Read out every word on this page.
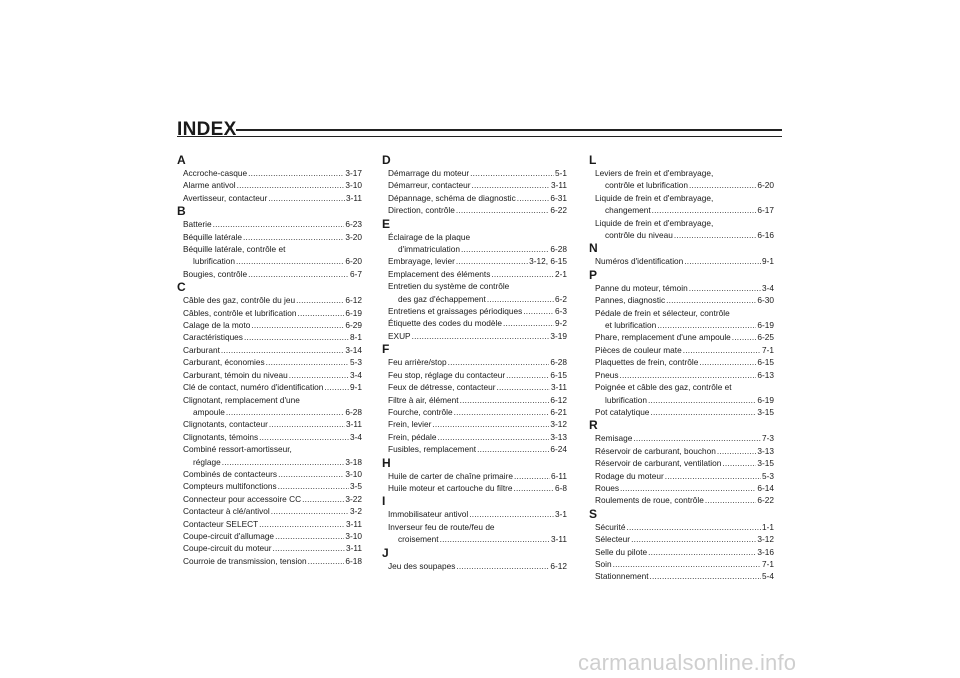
INDEX
A
Accroche-casque .....	3-17
Alarme antivol .....	3-10
Avertisseur, contacteur .....	3-11
B
Batterie .....	6-23
Béquille latérale .....	3-20
Béquille latérale, contrôle et
lubrification .....	6-20
Bougies, contrôle .....	6-7
C
Câble des gaz, contrôle du jeu .....	6-12
Câbles, contrôle et lubrification .....	6-19
Calage de la moto .....	6-29
Caractéristiques .....	8-1
Carburant .....	3-14
Carburant, économies .....	5-3
Carburant, témoin du niveau .....	3-4
Clé de contact, numéro d'identification .....	9-1
Clignotant, remplacement d'une
ampoule .....	6-28
Clignotants, contacteur .....	3-11
Clignotants, témoins .....	3-4
Combiné ressort-amortisseur,
réglage .....	3-18
Combinés de contacteurs .....	3-10
Compteurs multifonctions .....	3-5
Connecteur pour accessoire CC .....	3-22
Contacteur à clé/antivol .....	3-2
Contacteur SELECT .....	3-11
Coupe-circuit d'allumage .....	3-10
Coupe-circuit du moteur .....	3-11
Courroie de transmission, tension .....	6-18
D
Démarrage du moteur .....	5-1
Démarreur, contacteur .....	3-11
Dépannage, schéma de diagnostic .....	6-31
Direction, contrôle .....	6-22
E
Éclairage de la plaque
d'immatriculation .....	6-28
Embrayage, levier .....	3-12, 6-15
Emplacement des éléments .....	2-1
Entretien du système de contrôle
des gaz d'échappement .....	6-2
Entretiens et graissages périodiques .....	6-3
Étiquette des codes du modèle .....	9-2
EXUP .....	3-19
F
Feu arrière/stop .....	6-28
Feu stop, réglage du contacteur .....	6-15
Feux de détresse, contacteur .....	3-11
Filtre à air, élément .....	6-12
Fourche, contrôle .....	6-21
Frein, levier .....	3-12
Frein, pédale .....	3-13
Fusibles, remplacement .....	6-24
H
Huile de carter de chaîne primaire .....	6-11
Huile moteur et cartouche du filtre .....	6-8
I
Immobilisateur antivol .....	3-1
Inverseur feu de route/feu de
croisement .....	3-11
J
Jeu des soupapes .....	6-12
L
Leviers de frein et d'embrayage,
contrôle et lubrification .....	6-20
Liquide de frein et d'embrayage,
changement .....	6-17
Liquide de frein et d'embrayage,
contrôle du niveau .....	6-16
N
Numéros d'identification .....	9-1
P
Panne du moteur, témoin .....	3-4
Pannes, diagnostic .....	6-30
Pédale de frein et sélecteur, contrôle
et lubrification .....	6-19
Phare, remplacement d'une ampoule .....	6-25
Pièces de couleur mate .....	7-1
Plaquettes de frein, contrôle .....	6-15
Pneus .....	6-13
Poignée et câble des gaz, contrôle et
lubrification .....	6-19
Pot catalytique .....	3-15
R
Remisage .....	7-3
Réservoir de carburant, bouchon .....	3-13
Réservoir de carburant, ventilation .....	3-15
Rodage du moteur .....	5-3
Roues .....	6-14
Roulements de roue, contrôle .....	6-22
S
Sécurité .....	1-1
Sélecteur .....	3-12
Selle du pilote .....	3-16
Soin .....	7-1
Stationnement .....	5-4
carmanualsonline.info
